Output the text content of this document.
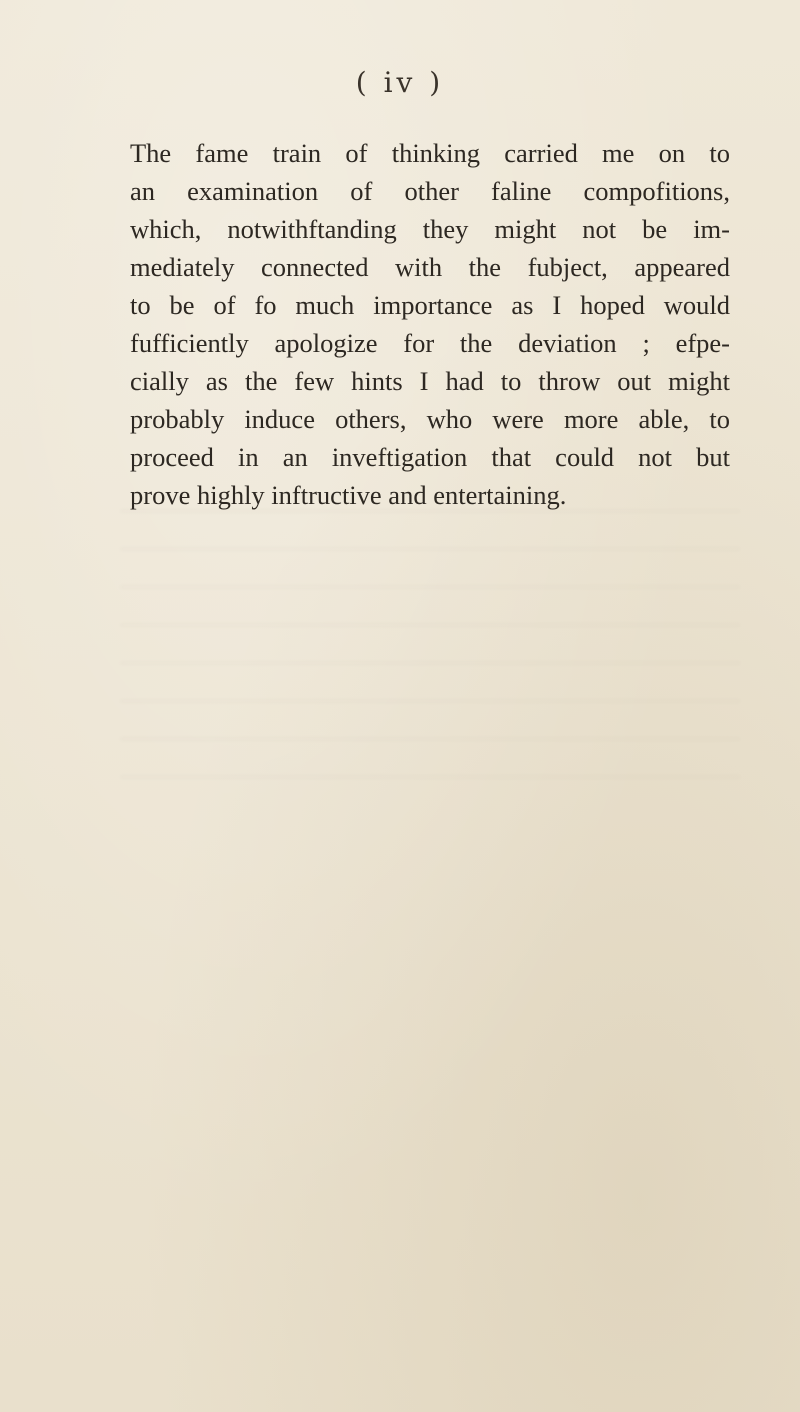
( iv )
The fame train of thinking carried me on to
an examination of other faline compofitions,
which, notwithftanding they might not be im-
mediately connected with the fubject, appeared
to be of fo much importance as I hoped would
fufficiently apologize for the deviation ; efpe-
cially as the few hints I had to throw out might
probably induce others, who were more able, to
proceed in an inveftigation that could not but
prove highly inftructive and entertaining.
